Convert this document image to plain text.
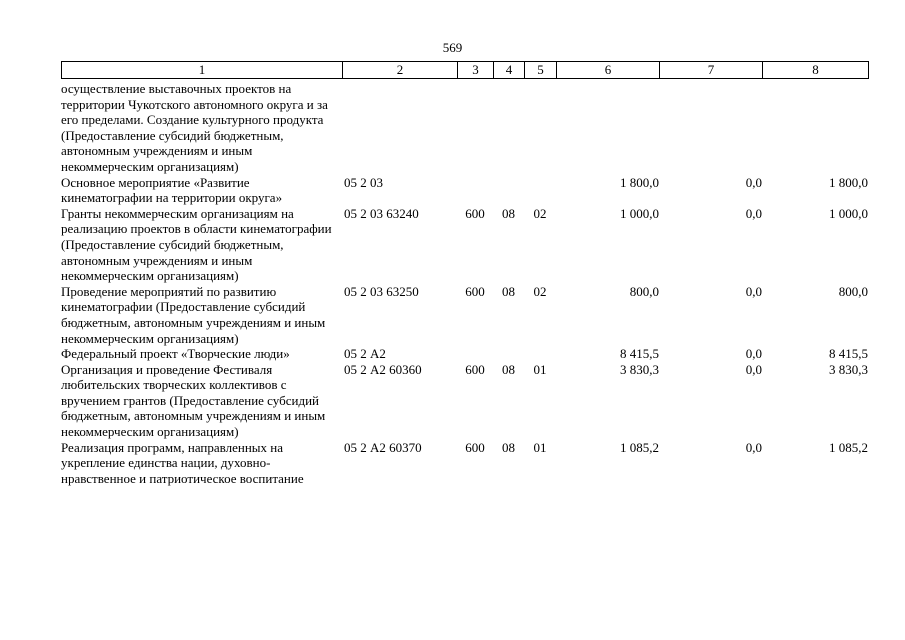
569
1	2	3	4	5	6	7	8
осуществление выставочных проектов на территории Чукотского автономного округа и за его пределами. Создание культурного продукта (Предоставление субсидий бюджетным, автономным учреждениям и иным некоммерческим организациям)							
Основное мероприятие «Развитие кинематографии на территории округа»	05 2 03				1 800,0	0,0	1 800,0
Гранты некоммерческим организациям на реализацию проектов в области кинематографии (Предоставление субсидий бюджетным, автономным учреждениям и иным некоммерческим организациям)	05 2 03 63240	600	08	02	1 000,0	0,0	1 000,0
Проведение мероприятий по развитию кинематографии (Предоставление субсидий бюджетным, автономным учреждениям и иным некоммерческим организациям)	05 2 03 63250	600	08	02	800,0	0,0	800,0
Федеральный проект «Творческие люди»	05 2 А2				8 415,5	0,0	8 415,5
Организация и проведение Фестиваля любительских творческих коллективов с вручением грантов (Предоставление субсидий бюджетным, автономным учреждениям и иным некоммерческим организациям)	05 2 А2 60360	600	08	01	3 830,3	0,0	3 830,3
Реализация программ, направленных на укрепление единства нации, духовно-нравственное и патриотическое воспитание	05 2 А2 60370	600	08	01	1 085,2	0,0	1 085,2
